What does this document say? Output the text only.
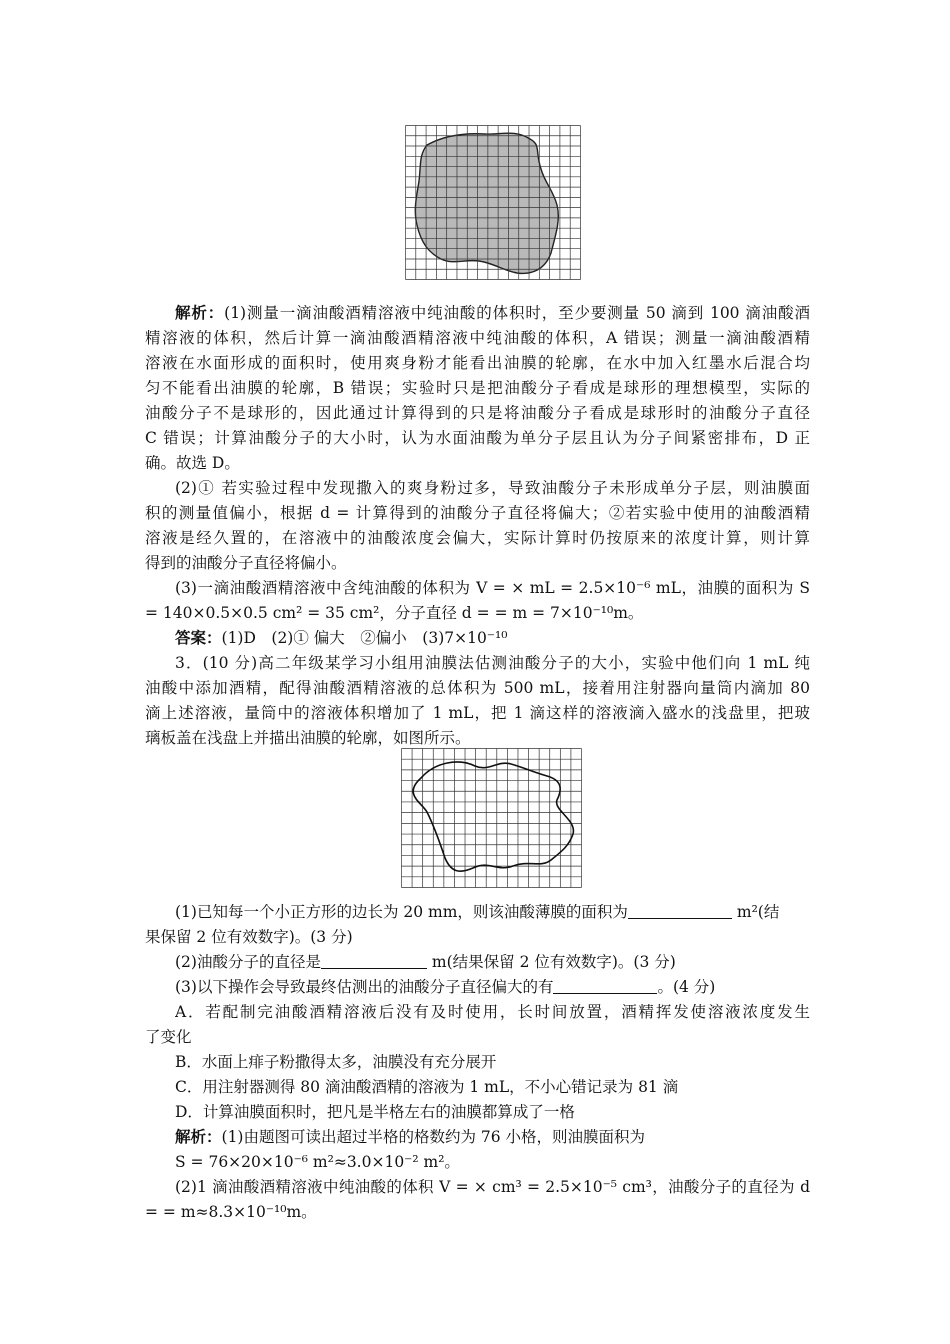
解析：(1)测量一滴油酸酒精溶液中纯油酸的体积时，至少要测量 50 滴到 100 滴油酸酒
精溶液的体积，然后计算一滴油酸酒精溶液中纯油酸的体积，A 错误；测量一滴油酸酒精
溶液在水面形成的面积时，使用爽身粉才能看出油膜的轮廓，在水中加入红墨水后混合均
匀不能看出油膜的轮廓，B 错误；实验时只是把油酸分子看成是球形的理想模型，实际的
油酸分子不是球形的，因此通过计算得到的只是将油酸分子看成是球形时的油酸分子直径
C 错误；计算油酸分子的大小时，认为水面油酸为单分子层且认为分子间紧密排布，D 正
确。故选 D。
(2)① 若实验过程中发现撒入的爽身粉过多，导致油酸分子未形成单分子层，则油膜面
积的测量值偏小，根据 d = 计算得到的油酸分子直径将偏大；②若实验中使用的油酸酒精
溶液是经久置的，在溶液中的油酸浓度会偏大，实际计算时仍按原来的浓度计算，则计算
得到的油酸分子直径将偏小。
(3)一滴油酸酒精溶液中含纯油酸的体积为 V = × mL = 2.5×10⁻⁶ mL，油膜的面积为 S
= 140×0.5×0.5 cm² = 35 cm²，分子直径 d = = m = 7×10⁻¹⁰m。
答案：(1)D　(2)① 偏大　②偏小　(3)7×10⁻¹⁰
3．(10 分)高二年级某学习小组用油膜法估测油酸分子的大小，实验中他们向 1 mL 纯
油酸中添加酒精，配得油酸酒精溶液的总体积为 500 mL，接着用注射器向量筒内滴加 80
滴上述溶液，量筒中的溶液体积增加了 1 mL，把 1 滴这样的溶液滴入盛水的浅盘里，把玻
璃板盖在浅盘上并描出油膜的轮廓，如图所示。
(1)已知每一个小正方形的边长为 20 mm，则该油酸薄膜的面积为	m²(结
果保留 2 位有效数字)。(3 分)
(2)油酸分子的直径是	m(结果保留 2 位有效数字)。(3 分)
(3)以下操作会导致最终估测出的油酸分子直径偏大的有	。(4 分)
A．若配制完油酸酒精溶液后没有及时使用，长时间放置，酒精挥发使溶液浓度发生
了变化
B．水面上痱子粉撒得太多，油膜没有充分展开
C．用注射器测得 80 滴油酸酒精的溶液为 1 mL，不小心错记录为 81 滴
D．计算油膜面积时，把凡是半格左右的油膜都算成了一格
解析：(1)由题图可读出超过半格的格数约为 76 小格，则油膜面积为
S = 76×20×10⁻⁶ m²≈3.0×10⁻² m²。
(2)1 滴油酸酒精溶液中纯油酸的体积 V = × cm³ = 2.5×10⁻⁵ cm³，油酸分子的直径为 d
= = m≈8.3×10⁻¹⁰m。
